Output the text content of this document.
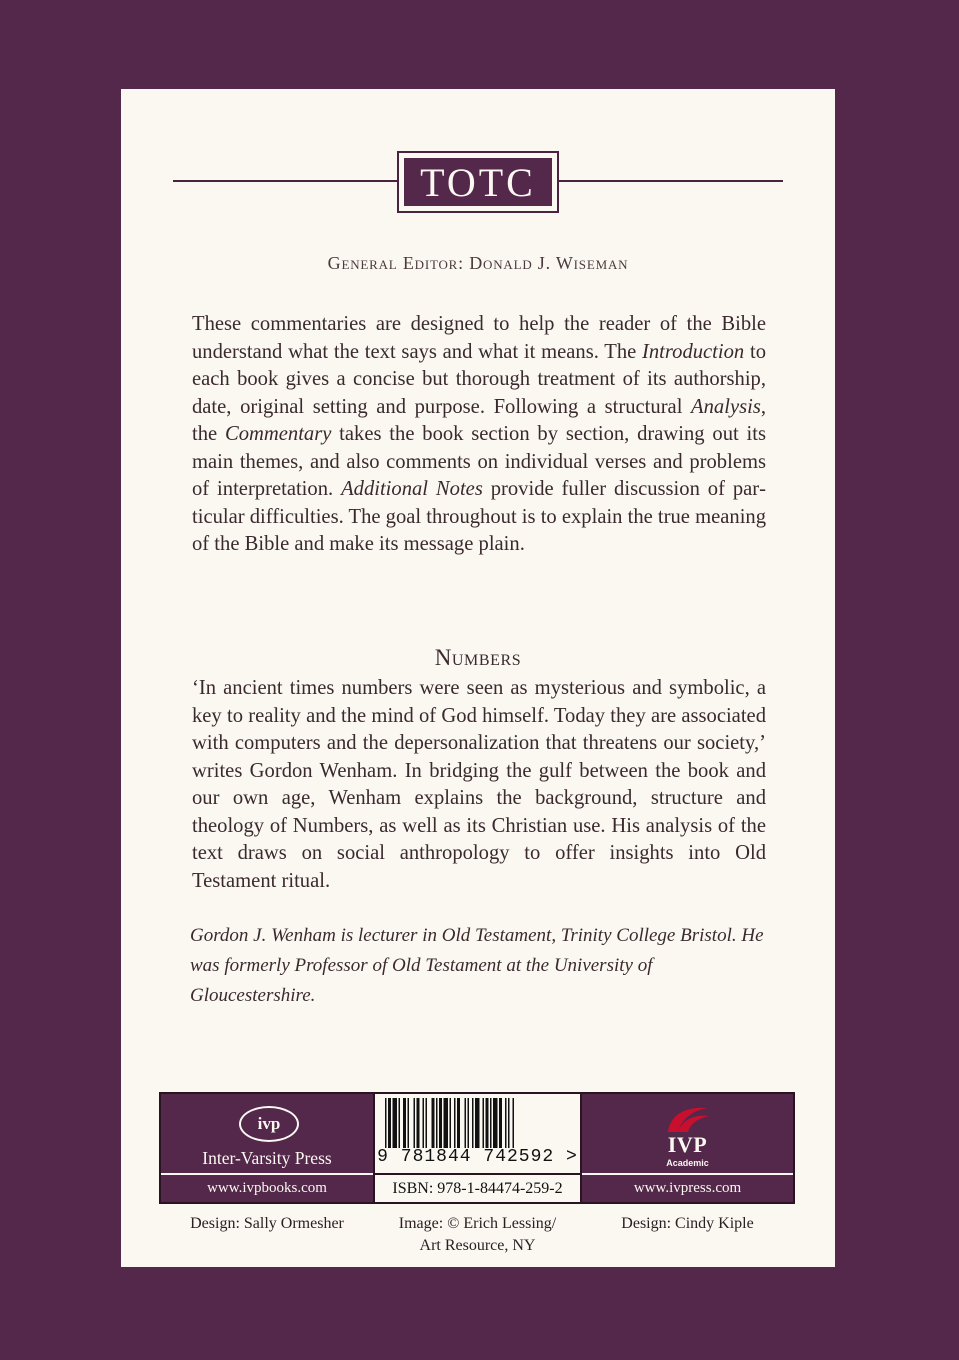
TOTC
General Editor: Donald J. Wiseman
These commentaries are designed to help the reader of the Bible understand what the text says and what it means. The Introduction to each book gives a concise but thorough treatment of its authorship, date, original setting and purpose. Following a structural Analysis, the Commentary takes the book section by section, drawing out its main themes, and also comments on individual verses and problems of interpretation. Additional Notes provide fuller discussion of particular difficulties. The goal throughout is to explain the true meaning of the Bible and make its message plain.
Numbers
‘In ancient times numbers were seen as mysterious and symbolic, a key to reality and the mind of God himself. Today they are associated with computers and the depersonalization that threatens our society,’ writes Gordon Wenham. In bridging the gulf between the book and our own age, Wenham explains the background, structure and theology of Numbers, as well as its Christian use. His analysis of the text draws on social anthropology to offer insights into Old Testament ritual.
Gordon J. Wenham is lecturer in Old Testament, Trinity College Bristol. He was formerly Professor of Old Testament at the University of Gloucestershire.
ivp
Inter-Varsity Press
www.ivpbooks.com
9 781844 742592 >
ISBN: 978-1-84474-259-2
IVP
Academic
www.ivpress.com
Design: Sally Ormesher	Image: © Erich Lessing/
Art Resource, NY
Design: Cindy Kiple
